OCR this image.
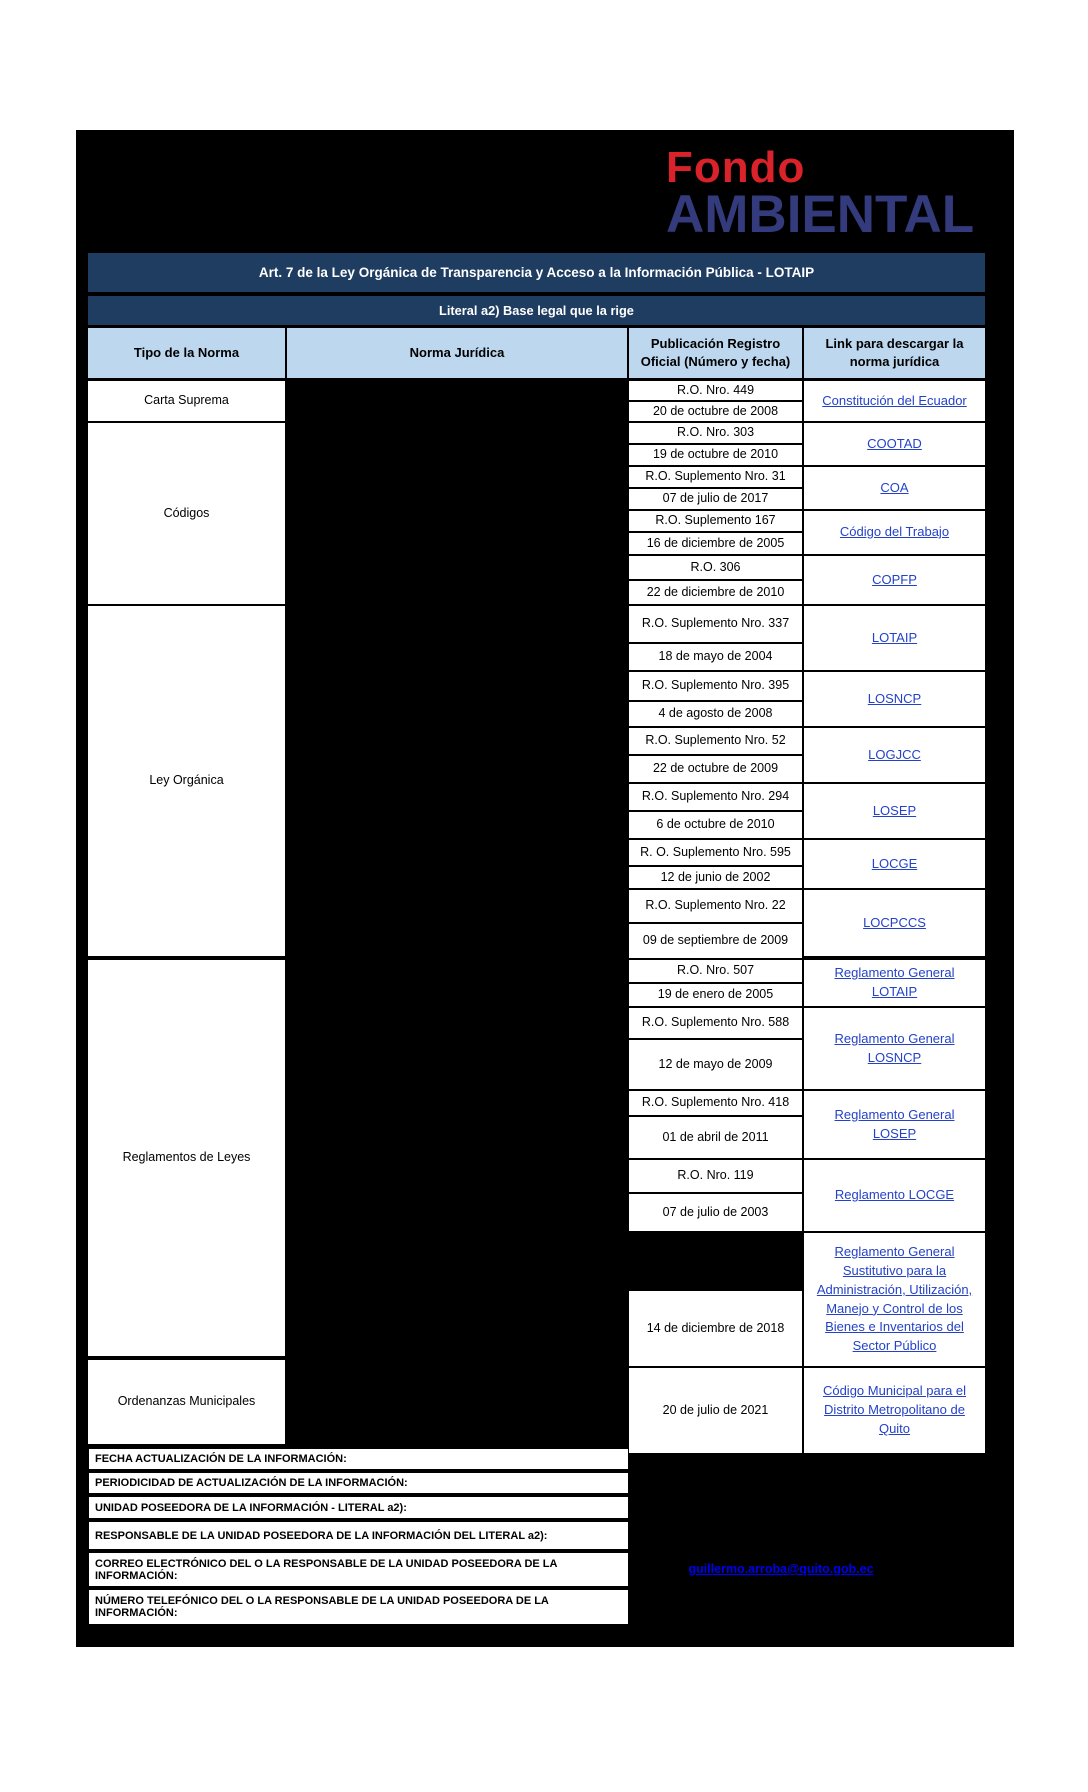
Fondo
AMBIENTAL
Art. 7 de la Ley Orgánica de Transparencia y Acceso a la Información Pública - LOTAIP
Literal a2) Base legal que la rige
Tipo de la Norma	Norma Jurídica
Publicación Registro Oficial (Número y fecha)
Link para descargar la norma jurídica
Carta Suprema
Códigos
Ley Orgánica
Reglamentos de Leyes
Ordenanzas Municipales
R.O. Nro. 449
20 de octubre de 2008
R.O. Nro. 303
19 de octubre de 2010
R.O. Suplemento Nro. 31
07 de julio de 2017
R.O. Suplemento 167
16 de diciembre de 2005
R.O. 306
22 de diciembre de 2010
R.O. Suplemento Nro. 337
18 de mayo de 2004
R.O. Suplemento Nro. 395
4 de agosto de 2008
R.O. Suplemento Nro. 52
22 de octubre de 2009
R.O. Suplemento Nro. 294
6 de octubre de 2010
R. O. Suplemento Nro. 595
12 de junio de 2002
R.O. Suplemento Nro. 22
09 de septiembre de 2009
R.O. Nro. 507
19 de enero de 2005
R.O. Suplemento Nro. 588
12 de mayo de 2009
R.O. Suplemento Nro. 418
01 de abril de 2011
R.O. Nro. 119
07 de julio de 2003
14 de diciembre de 2018
20 de julio de 2021
Constitución del Ecuador
COOTAD
COA
Código del Trabajo
COPFP
LOTAIP
LOSNCP
LOGJCC
LOSEP
LOCGE
LOCPCCS
Reglamento General LOTAIP
Reglamento General LOSNCP
Reglamento General LOSEP
Reglamento LOCGE
Reglamento General Sustitutivo para la Administración, Utilización, Manejo y Control de los Bienes e Inventarios del Sector Público
Código Municipal para el Distrito Metropolitano de Quito
FECHA ACTUALIZACIÓN DE LA INFORMACIÓN:
PERIODICIDAD DE ACTUALIZACIÓN DE LA INFORMACIÓN:
UNIDAD POSEEDORA DE LA INFORMACIÓN - LITERAL a2):
RESPONSABLE DE LA UNIDAD POSEEDORA DE LA INFORMACIÓN DEL LITERAL a2):
CORREO ELECTRÓNICO DEL O LA RESPONSABLE DE LA UNIDAD POSEEDORA DE LA INFORMACIÓN:
NÚMERO TELEFÓNICO DEL O LA RESPONSABLE DE LA UNIDAD POSEEDORA DE LA INFORMACIÓN:
guillermo.arroba@quito.gob.ec
